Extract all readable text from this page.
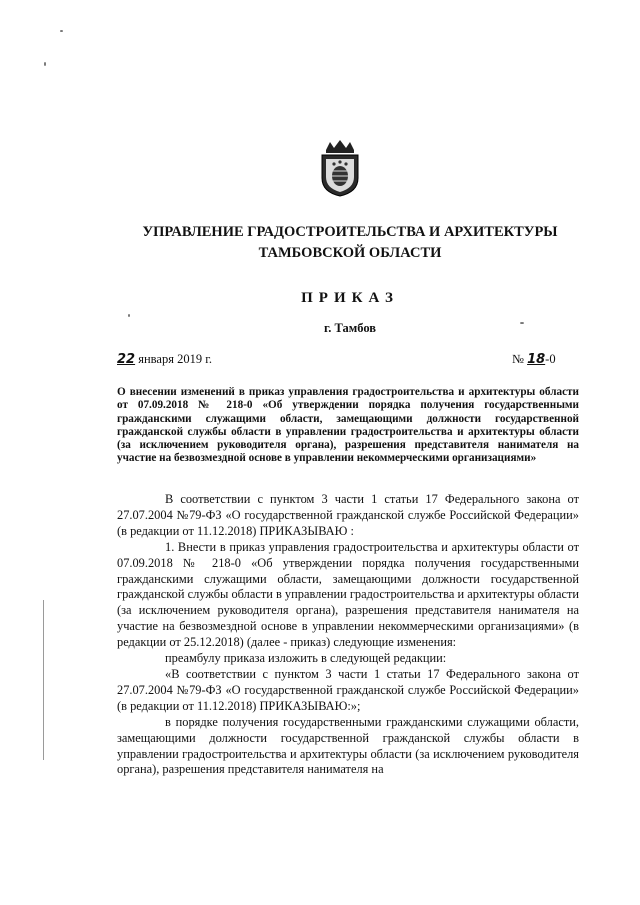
УПРАВЛЕНИЕ ГРАДОСТРОИТЕЛЬСТВА И АРХИТЕКТУРЫ
ТАМБОВСКОЙ ОБЛАСТИ
ПРИКАЗ
г. Тамбов
22 января 2019 г.	№ 18-0
О внесении изменений в приказ управления градостроительства и архитектуры области от 07.09.2018 № 218-0 «Об утверждении порядка получения государственными гражданскими служащими области, замещающими должности государственной гражданской службы области в управлении градостроительства и архитектуры области (за исключением руководителя органа), разрешения представителя нанимателя на участие на безвозмездной основе в управлении некоммерческими организациями»

В соответствии с пунктом 3 части 1 статьи 17 Федерального закона от 27.07.2004 №79-ФЗ «О государственной гражданской службе Российской Федерации» (в редакции от 11.12.2018) ПРИКАЗЫВАЮ :

1. Внести в приказ управления градостроительства и архитектуры области от 07.09.2018 № 218-0 «Об утверждении порядка получения государственными гражданскими служащими области, замещающими должности государственной гражданской службы области в управлении градостроительства и архитектуры области (за исключением руководителя органа), разрешения представителя нанимателя на участие на безвозмездной основе в управлении некоммерческими организациями» (в редакции от 25.12.2018) (далее - приказ) следующие изменения:

преамбулу приказа изложить в следующей редакции:

«В соответствии с пунктом 3 части 1 статьи 17 Федерального закона от 27.07.2004 №79-ФЗ «О государственной гражданской службе Российской Федерации» (в редакции от 11.12.2018) ПРИКАЗЫВАЮ:»;

в порядке получения государственными гражданскими служащими области, замещающими должности государственной гражданской службы области в управлении градостроительства и архитектуры области (за исключением руководителя органа), разрешения представителя нанимателя на
